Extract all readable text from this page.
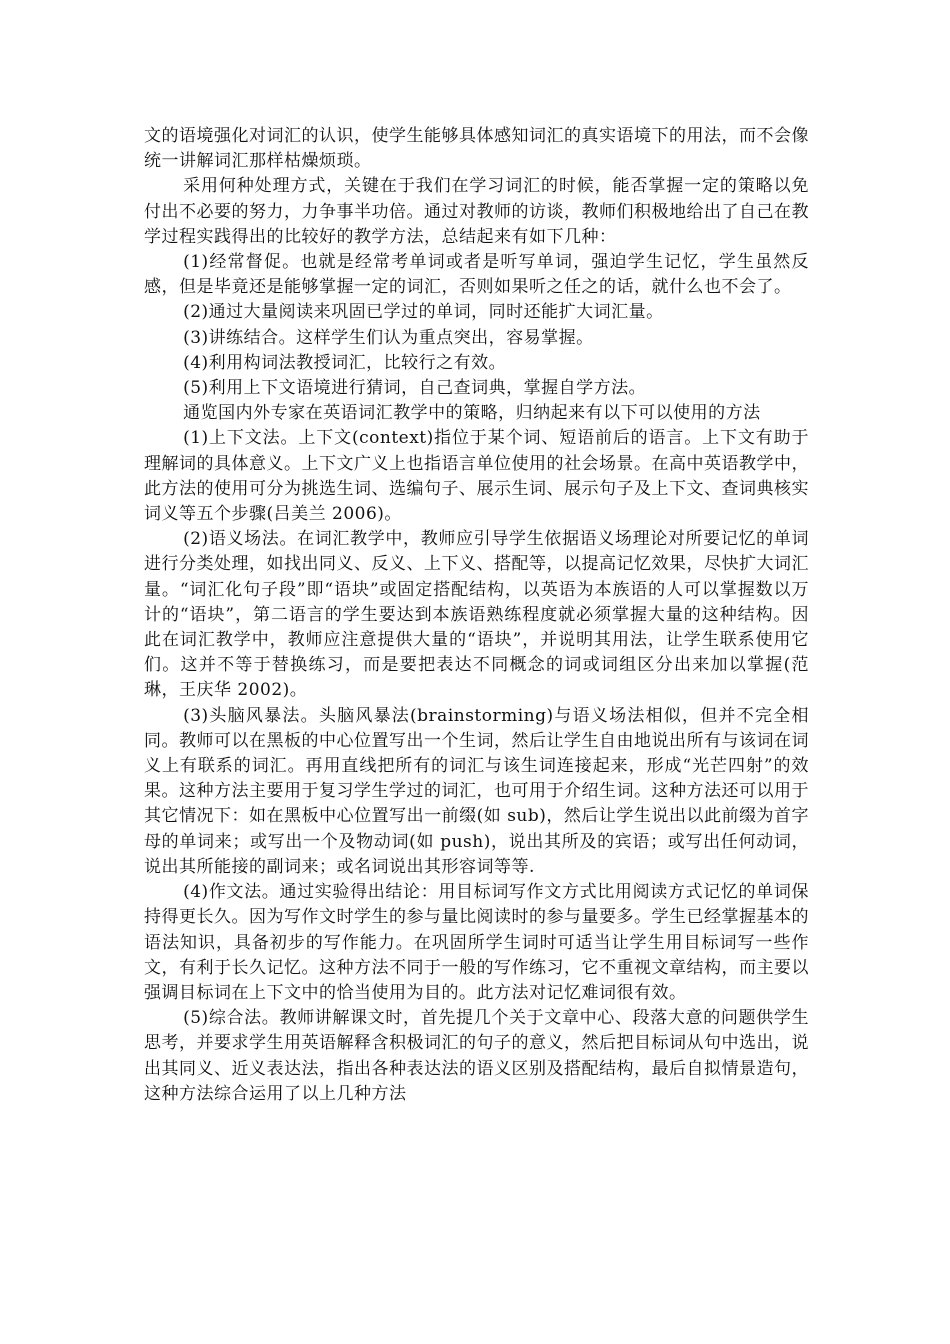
文的语境强化对词汇的认识，使学生能够具体感知词汇的真实语境下的用法，而不会像统一讲解词汇那样枯燥烦琐。

采用何种处理方式，关键在于我们在学习词汇的时候，能否掌握一定的策略以免付出不必要的努力，力争事半功倍。通过对教师的访谈，教师们积极地给出了自己在教学过程实践得出的比较好的教学方法，总结起来有如下几种：

(1)经常督促。也就是经常考单词或者是听写单词，强迫学生记忆，学生虽然反感，但是毕竟还是能够掌握一定的词汇，否则如果听之任之的话，就什么也不会了。

(2)通过大量阅读来巩固已学过的单词，同时还能扩大词汇量。

(3)讲练结合。这样学生们认为重点突出，容易掌握。

(4)利用构词法教授词汇，比较行之有效。

(5)利用上下文语境进行猜词，自己查词典，掌握自学方法。

通览国内外专家在英语词汇教学中的策略，归纳起来有以下可以使用的方法

(1)上下文法。上下文(context)指位于某个词、短语前后的语言。上下文有助于理解词的具体意义。上下文广义上也指语言单位使用的社会场景。在高中英语教学中，此方法的使用可分为挑选生词、选编句子、展示生词、展示句子及上下文、查词典核实词义等五个步骤(吕美兰 2006)。

(2)语义场法。在词汇教学中，教师应引导学生依据语义场理论对所要记忆的单词进行分类处理，如找出同义、反义、上下义、搭配等，以提高记忆效果，尽快扩大词汇量。“词汇化句子段”即“语块”或固定搭配结构，以英语为本族语的人可以掌握数以万计的“语块”，第二语言的学生要达到本族语熟练程度就必须掌握大量的这种结构。因此在词汇教学中，教师应注意提供大量的“语块”，并说明其用法，让学生联系使用它们。这并不等于替换练习，而是要把表达不同概念的词或词组区分出来加以掌握(范琳，王庆华 2002)。

(3)头脑风暴法。头脑风暴法(brainstorming)与语义场法相似，但并不完全相同。教师可以在黑板的中心位置写出一个生词，然后让学生自由地说出所有与该词在词义上有联系的词汇。再用直线把所有的词汇与该生词连接起来，形成“光芒四射”的效果。这种方法主要用于复习学生学过的词汇，也可用于介绍生词。这种方法还可以用于其它情况下：如在黑板中心位置写出一前缀(如 sub)，然后让学生说出以此前缀为首字母的单词来；或写出一个及物动词(如 push)，说出其所及的宾语；或写出任何动词，说出其所能接的副词来；或名词说出其形容词等等.

(4)作文法。通过实验得出结论：用目标词写作文方式比用阅读方式记忆的单词保持得更长久。因为写作文时学生的参与量比阅读时的参与量要多。学生已经掌握基本的语法知识，具备初步的写作能力。在巩固所学生词时可适当让学生用目标词写一些作文，有利于长久记忆。这种方法不同于一般的写作练习，它不重视文章结构，而主要以强调目标词在上下文中的恰当使用为目的。此方法对记忆难词很有效。

(5)综合法。教师讲解课文时，首先提几个关于文章中心、段落大意的问题供学生思考，并要求学生用英语解释含积极词汇的句子的意义，然后把目标词从句中选出，说出其同义、近义表达法，指出各种表达法的语义区别及搭配结构，最后自拟情景造句，这种方法综合运用了以上几种方法
